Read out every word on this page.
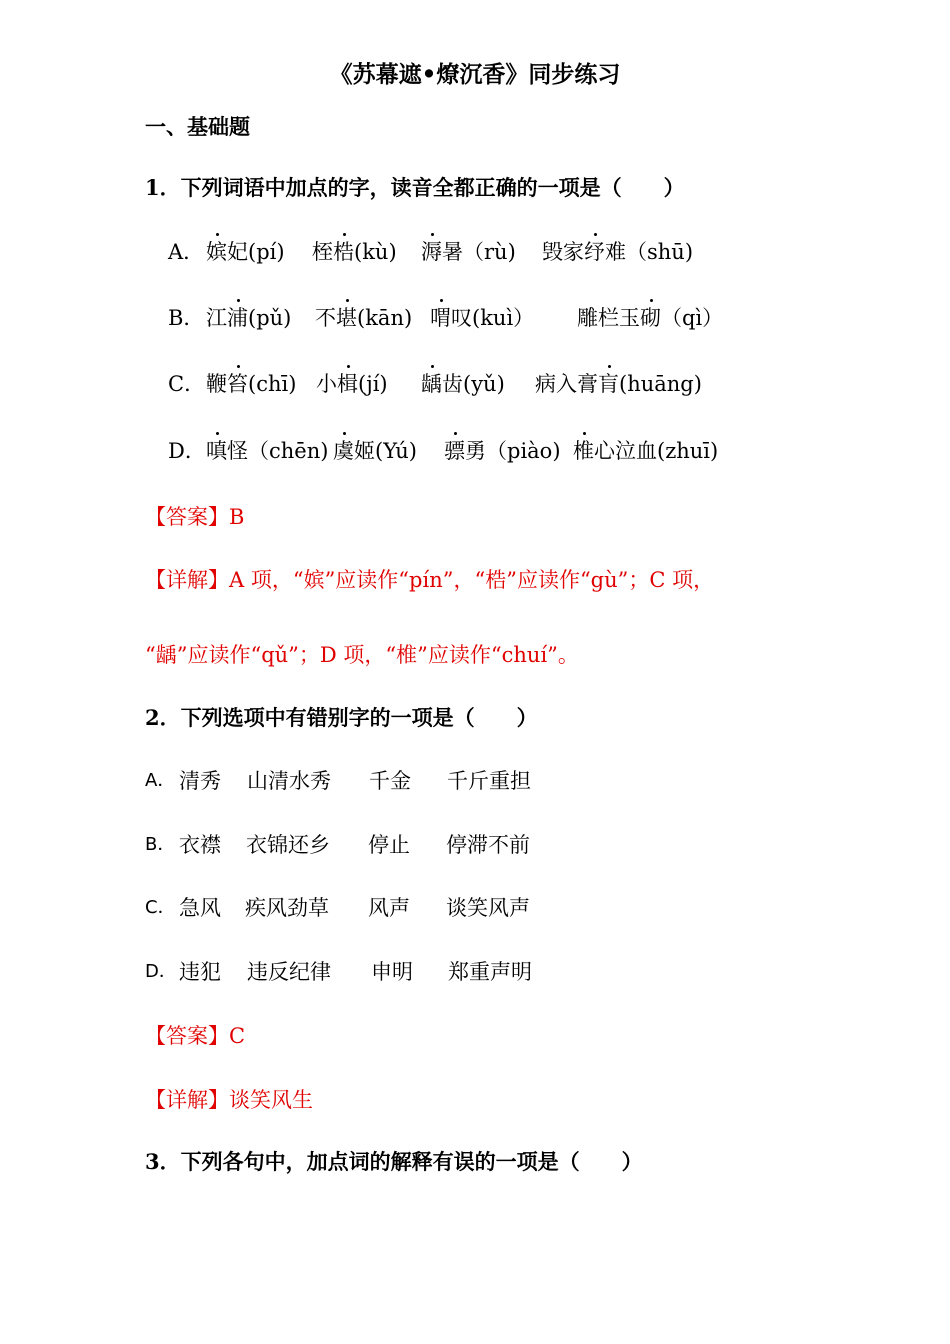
《苏幕遮•燎沉香》同步练习
一、基础题
1．下列词语中加点的字，读音全都正确的一项是（　　）
A． 嫔妃(pí) 桎梏(kù) 溽暑（rù) 毁家纾难（shū)
B． 江浦(pǔ) 不堪(kān) 喟叹(kuì） 雕栏玉砌（qì）
C． 鞭笞(chī) 小楫(jí) 龋齿(yǔ) 病入膏肓(huāng)
D． 嗔怪（chēn) 虞姬(Yú) 骠勇（piào) 椎心泣血(zhuī)
【答案】B
【详解】A 项，“嫔”应读作“pín”，“梏”应读作“gù”；C 项，
“龋”应读作“qǔ”；D 项，“椎”应读作“chuí”。
2．下列选项中有错别字的一项是（　　）
A． 清秀 山清水秀 千金 千斤重担
B． 衣襟 衣锦还乡 停止 停滞不前
C． 急风 疾风劲草 风声 谈笑风声
D． 违犯 违反纪律 申明 郑重声明
【答案】C
【详解】谈笑风生
3．下列各句中，加点词的解释有误的一项是（　　）
